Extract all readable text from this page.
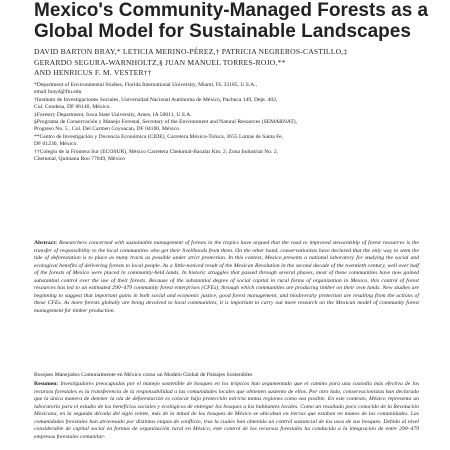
Mexico's Community-Managed Forests as a Global Model for Sustainable Landscapes
DAVID BARTON BRAY,* LETICIA MERINO-PÉREZ,† PATRICIA NEGREROS-CASTILLO,‡
GERARDO SEGURA-WARNHOLTZ,§ JUAN MANUEL TORRES-ROJO,**
AND HENRICUS F. M. VESTER††
*Department of Environmental Studies, Florida International University, Miami, FL 33185, U.S.A.,
email brayd@fiu.edu
†Instituto de Investigaciones Sociales, Universidad Nacional Autónoma de México, Pachuca 149, Dept. 402,
Col. Condesa, DF 06140, México.
‡Forestry Department, Iowa State University, Ames, IA 50011, U.S.A.
§Programa de Conservación y Manejo Forestal, Secretary of the Environment and Natural Resources (SEMARNAT),
Progreso No. 5 , Col. Del Carmen Coyoacan, DF 04100, México.
**Centro de Investigación y Docencia Económica (CIDE), Carretera México-Toluca, 3655 Lomas de Santa Fe,
DF 01230, México.
††Colegio de la Frontera Sur (ECOSUR), México Carretera Chetumal-Bacalar Km. 2, Zona Industrial No. 2,
Chetumal, Quintana Roo 77049, México

Abstract: Researchers concerned with sustainable management of forests in the tropics have argued that the road to improved stewardship of forest resources is the transfer of responsibility to the local communities who get their livelihoods from them. On the other hand, conservationists have declared that the only way to stem the tide of deforestation is to place as many tracts as possible under strict protection. In this context, Mexico presents a national laboratory for studying the social and ecological benefits of delivering forests to local people. As a little-noticed result of the Mexican Revolution in the second decade of the twentieth century, well over half of the forests of Mexico were placed in community-held lands. In historic struggles that passed through several phases, most of these communities have now gained substantial control over the use of their forests. Because of the substantial degree of social capital in rural forms of organization in Mexico, this control of forest resources has led to an estimated 290–479 community forest enterprises (CFEs), through which communities are producing timber on their own lands. New studies are beginning to suggest that important gains in both social and economic justice, good forest management, and biodiversity protection are resulting from the actions of these CFEs. As more forests globally are being devolved to local communities, it is important to carry out more research on the Mexican model of community forest management for timber production.

Bosques Manejados Comunalmente en México como un Modelo Global de Paisajes Sostenibles

Resumen: Investigadores preocupados por el manejo sostenible de bosques en los trópicos han argumentado que el camino para una custodia más efectiva de los recursos forestales es la transferencia de la responsabilidad a las comunidades locales que obtienen sustento de ellos. Por otro lado, conservacionistas han declarado que la única manera de detener la ola de deforestación es colocar bajo protección estricta tantas regiones como sea posible. En este contexto, México representa un laboratorio para el estudio de los beneficios sociales y ecológicos de entregar los bosques a los habitantes locales. Como un resultado poco conocido de la Revolución Mexicana, en la segunda década del siglo veinte, más de la mitad de los bosques de México se ubicaban en tierras que estaban en manos de las comunidades. Las comunidades forestales han atravesado por distintas etapas de conflicto, tras la cuales han obtenido un control sustancial de los usos de sus bosques. Debido al nivel considerable de capital social en formas de organización rural en México, este control de los recursos forestales ha conducido a la integración de entre 290–479 empresas forestales comunitar-
